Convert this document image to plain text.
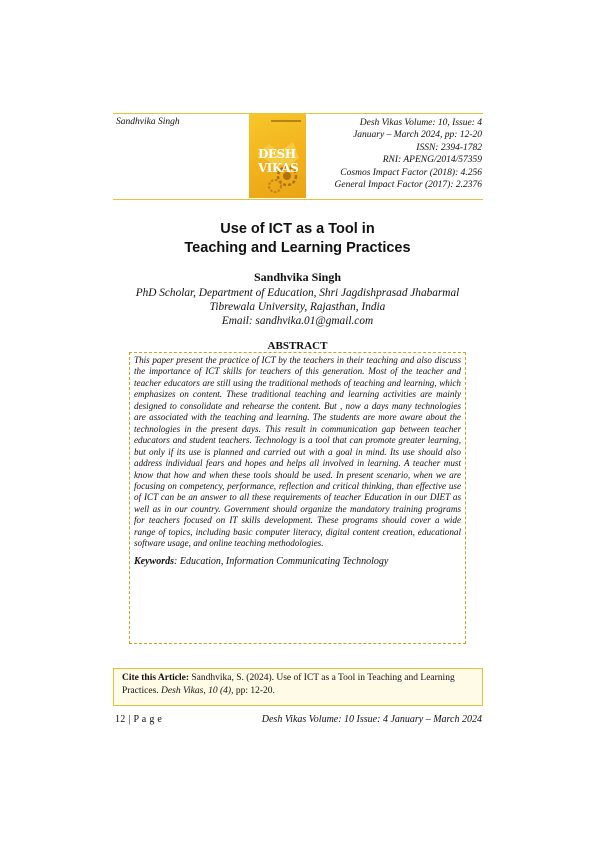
Sandhvika Singh
DESH VIKAS
Desh Vikas Volume: 10, Issue: 4
January – March 2024, pp: 12-20
ISSN: 2394-1782
RNI: APENG/2014/57359
Cosmos Impact Factor (2018): 4.256
General Impact Factor (2017): 2.2376
Use of ICT as a Tool in
Teaching and Learning Practices
Sandhvika Singh
PhD Scholar, Department of Education, Shri Jagdishprasad Jhabarmal
Tibrewala University, Rajasthan, India
Email: sandhvika.01@gmail.com
ABSTRACT

This paper present the practice of ICT by the teachers in their teaching and also discuss the importance of ICT skills for teachers of this generation. Most of the teacher and teacher educators are still using the traditional methods of teaching and learning, which emphasizes on content. These traditional teaching and learning activities are mainly designed to consolidate and rehearse the content. But , now a days many technologies are associated with the teaching and learning. The students are more aware about the technologies in the present days. This result in communication gap between teacher educators and student teachers. Technology is a tool that can promote greater learning, but only if its use is planned and carried out with a goal in mind. Its use should also address individual fears and hopes and helps all involved in learning. A teacher must know that how and when these tools should be used. In present scenario, when we are focusing on competency, performance, reflection and critical thinking, than effective use of ICT can be an answer to all these requirements of teacher Education in our DIET as well as in our country. Government should organize the mandatory training programs for teachers focused on IT skills development. These programs should cover a wide range of topics, including basic computer literacy, digital content creation, educational software usage, and online teaching methodologies.

Keywords: Education, Information Communicating Technology
Cite this Article: Sandhvika, S. (2024). Use of ICT as a Tool in Teaching and Learning Practices. Desh Vikas, 10 (4), pp: 12-20.
12 | P a g e	Desh Vikas Volume: 10 Issue: 4 January – March 2024
